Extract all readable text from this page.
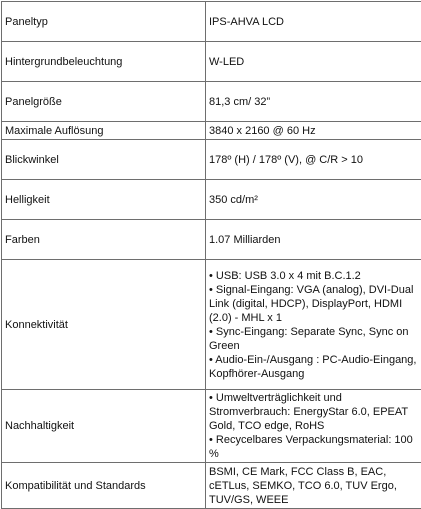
Paneltyp	IPS-AHVA LCD
Hintergrundbeleuchtung	W-LED
Panelgröße	81,3 cm/ 32”
Maximale Auflösung	3840 x 2160 @ 60 Hz
Blickwinkel	178º (H) / 178º (V), @ C/R > 10
Helligkeit	350 cd/m²
Farben	1.07 Milliarden
Konnektivität	• USB: USB 3.0 x 4 mit B.C.1.2
• Signal-Eingang: VGA (analog), DVI-Dual Link (digital, HDCP), DisplayPort, HDMI (2.0) - MHL x 1
• Sync-Eingang: Separate Sync, Sync on Green
• Audio-Ein-/Ausgang : PC-Audio-Eingang, Kopfhörer-Ausgang

Nachhaltigkeit	• Umweltverträglichkeit und Stromverbrauch: EnergyStar 6.0, EPEAT Gold, TCO edge, RoHS
• Recycelbares Verpackungsmaterial: 100 %

Kompatibilität und Standards	BSMI, CE Mark, FCC Class B, EAC, cETLus, SEMKO, TCO 6.0, TUV Ergo, TUV/GS, WEEE
